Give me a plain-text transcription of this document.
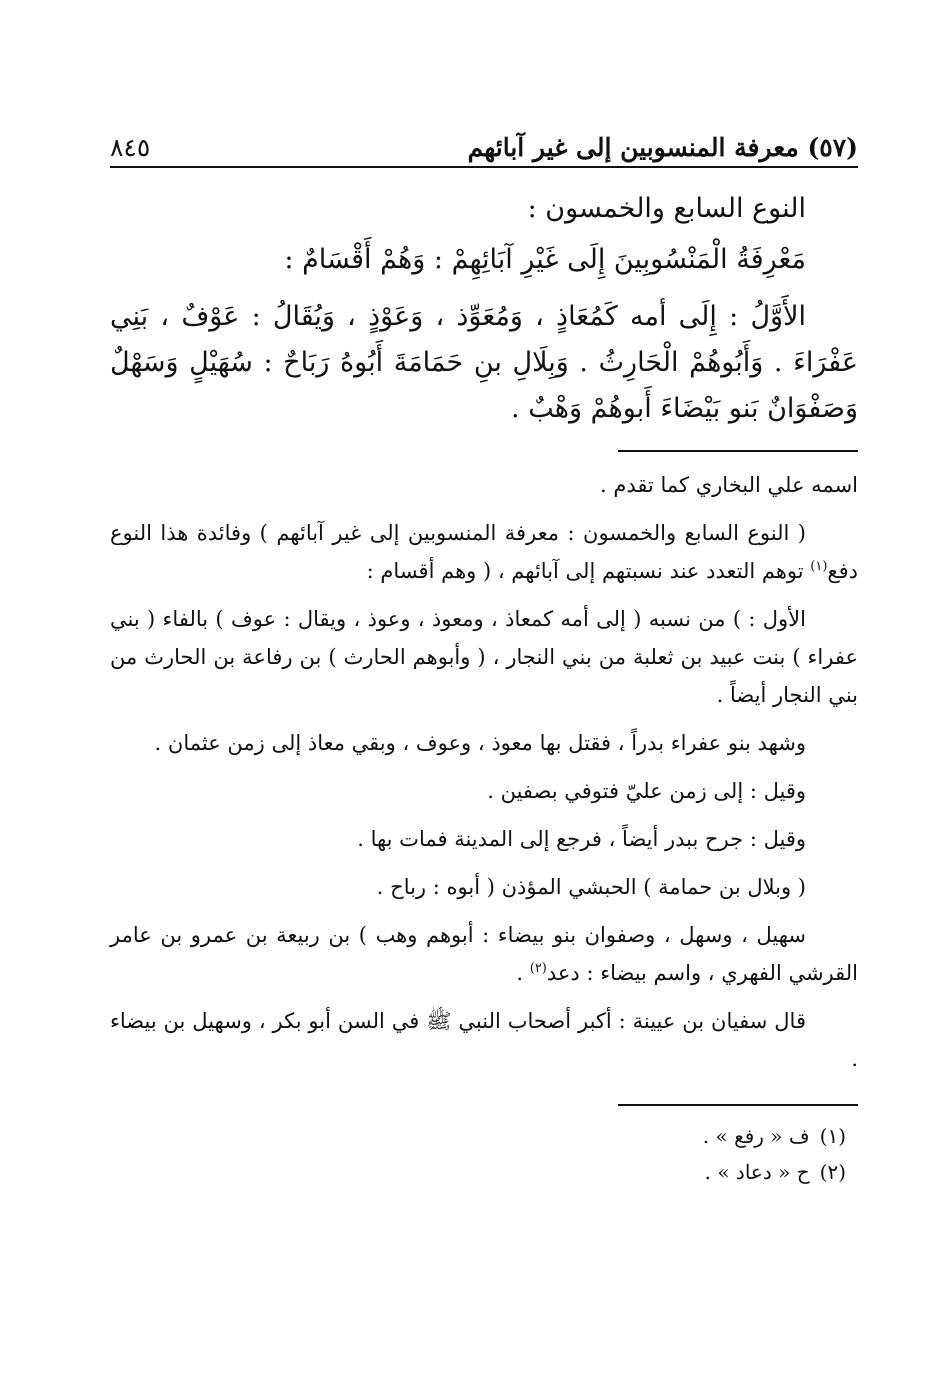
(٥٧) معرفة المنسوبين إلى غير آبائهم
٨٤٥
النوع السابع والخمسون :
مَعْرِفَةُ الْمَنْسُوبِينَ إِلَى غَيْرِ آبَائِهِمْ : وَهُمْ أَقْسَامٌ :
الأَوَّلُ : إِلَى أمه كَمُعَاذٍ ، وَمُعَوِّذ ، وَعَوْذٍ ، وَيُقَالُ : عَوْفٌ ، بَنِي عَفْرَاءَ . وَأَبُوهُمْ الْحَارِثُ . وَبِلَالِ بنِ حَمَامَةَ أَبُوهُ رَبَاحٌ : سُهَيْلٍ وَسَهْلٌ وَصَفْوَانٌ بَنو بَيْضَاءَ أَبوهُمْ وَهْبٌ .

اسمه علي البخاري كما تقدم .

( النوع السابع والخمسون : معرفة المنسوبين إلى غير آبائهم ) وفائدة هذا النوع دفع$^{(١)}$ توهم التعدد عند نسبتهم إلى آبائهم ، ( وهم أقسام :

الأول : ) من نسبه ( إلى أمه كمعاذ ، ومعوذ ، وعوذ ، ويقال : عوف ) بالفاء ( بني عفراء ) بنت عبيد بن ثعلبة من بني النجار ، ( وأبوهم الحارث ) بن رفاعة بن الحارث من بني النجار أيضاً .

وشهد بنو عفراء بدراً ، فقتل بها معوذ ، وعوف ، وبقي معاذ إلى زمن عثمان .

وقيل : إلى زمن عليّ فتوفي بصفين .

وقيل : جرح ببدر أيضاً ، فرجع إلى المدينة فمات بها .

( وبلال بن حمامة ) الحبشي المؤذن ( أبوه : رباح .

سهيل ، وسهل ، وصفوان بنو بيضاء : أبوهم وهب ) بن ربيعة بن عمرو بن عامر القرشي الفهري ، واسم بيضاء : دعد$^{(٢)}$ .

قال سفيان بن عيينة : أكبر أصحاب النبي ﷺ في السن أبو بكر ، وسهيل بن بيضاء .

(١)ف « رفع » .
(٢)ح « دعاد » .
